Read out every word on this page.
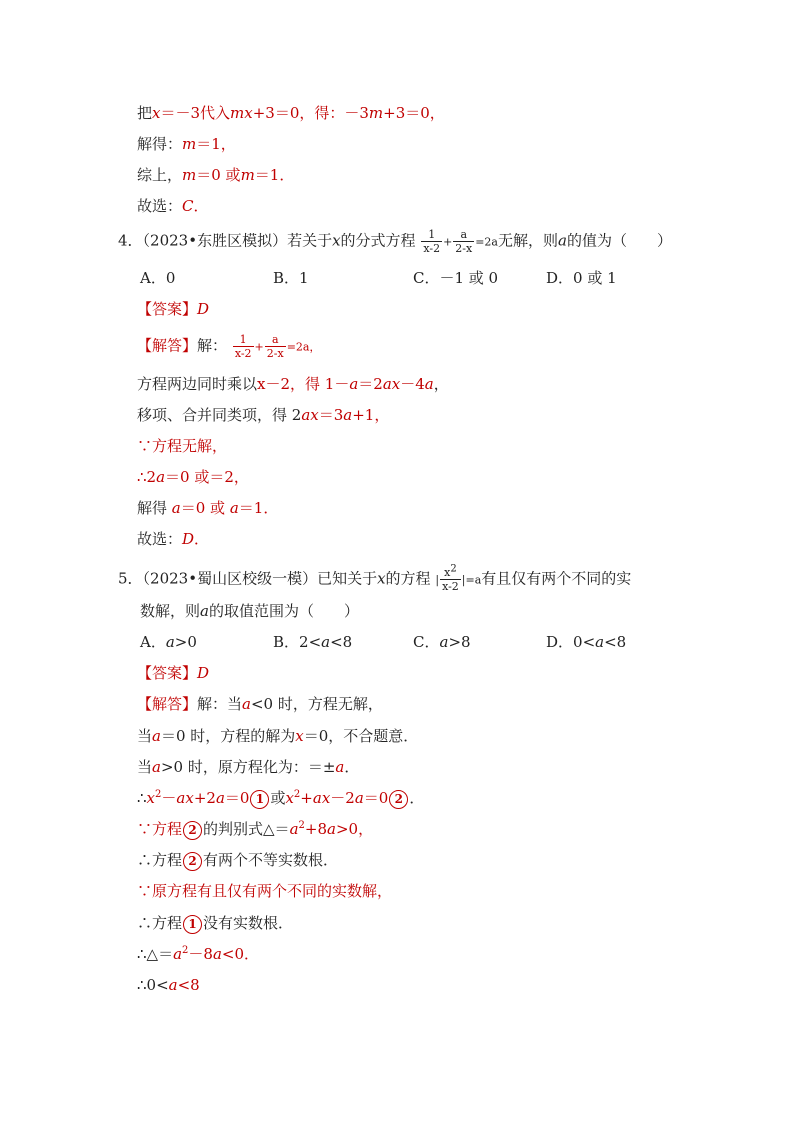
把x＝－3代入mx+3＝0，得：－3m+3＝0，
解得：m＝1，
综上，m＝0 或m＝1．
故选：C．
4．（2023•东胜区模拟）若关于x的分式方程 $\frac{1}{x-2} + \frac{a}{2-x} =2a$无解，则a的值为（　　）
A．0	B．1	C．－1 或 0	D．0 或 1
【答案】D
【解答】解： $\frac{1}{x-2} + \frac{a}{2-x} =2a$，
方程两边同时乘以x－2，得 1－a＝2ax－4a，
移项、合并同类项，得 2ax＝3a+1，
∵方程无解，
∴2a＝0 或＝2，
解得 a＝0 或 a＝1．
故选：D．
5．（2023•蜀山区校级一模）已知关于x的方程 | $\frac{x2}{x-2} |=a$有且仅有两个不同的实
数解，则a的取值范围为（　　）
A．a>0	B．2<a<8	C．a>8	D．0<a<8
【答案】D
【解答】解：当a<0 时，方程无解，
当a＝0 时，方程的解为x＝0，不合题意．
当a>0 时，原方程化为：＝±a．
$\therefore x^2-ax+2a=0$ 1 或$x^2+ax-2a=0$ 2 ．
∵方程 2 的判别式$\triangle=a^2+8a>0$，
∴方程 2 有两个不等实数根．
∵原方程有且仅有两个不同的实数解，
∴方程 1 没有实数根．
$\therefore\triangle=a^2-8a<0$．
∴0<a<8
